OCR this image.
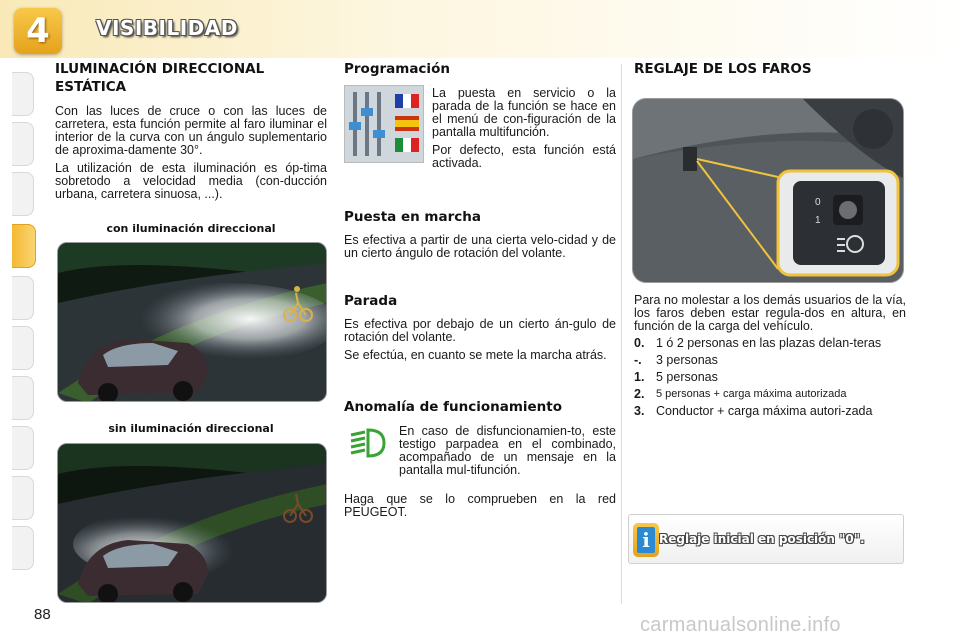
4	VISIBILIDAD
88
ILUMINACIÓN DIRECCIONAL ESTÁTICA

Con las luces de cruce o con las luces de carretera, esta función permite al faro iluminar el interior de la curva con un ángulo suplementario de aproxima-damente 30°.

La utilización de esta iluminación es óp-tima sobretodo a velocidad media (con-ducción urbana, carretera sinuosa, ...).

con iluminación direccional
sin iluminación direccional
Programación

La puesta en servicio o la parada de la función se hace en el menú de con-figuración de la pantalla multifunción.

Por defecto, esta función está activada.

Puesta en marcha

Es efectiva a partir de una cierta velo-cidad y de un cierto ángulo de rotación del volante.

Parada

Es efectiva por debajo de un cierto án-gulo de rotación del volante.

Se efectúa, en cuanto se mete la marcha atrás.

Anomalía de funcionamiento

En caso de disfuncionamien-to, este testigo parpadea en el combinado, acompañado de un mensaje en la pantalla mul-tifunción.

Haga que se lo comprueben en la red PEUGEOT.

REGLAJE DE LOS FAROS
0
1

Para no molestar a los demás usuarios de la vía, los faros deben estar regula-dos en altura, en función de la carga del vehículo.

0. 1 ó 2 personas en las plazas delan-teras
-.	3 personas
1. 5 personas
2.	5 personas + carga máxima autorizada
3. Conductor + carga máxima autori-zada
i Reglaje inicial en posición "0".
carmanualsonline.info
